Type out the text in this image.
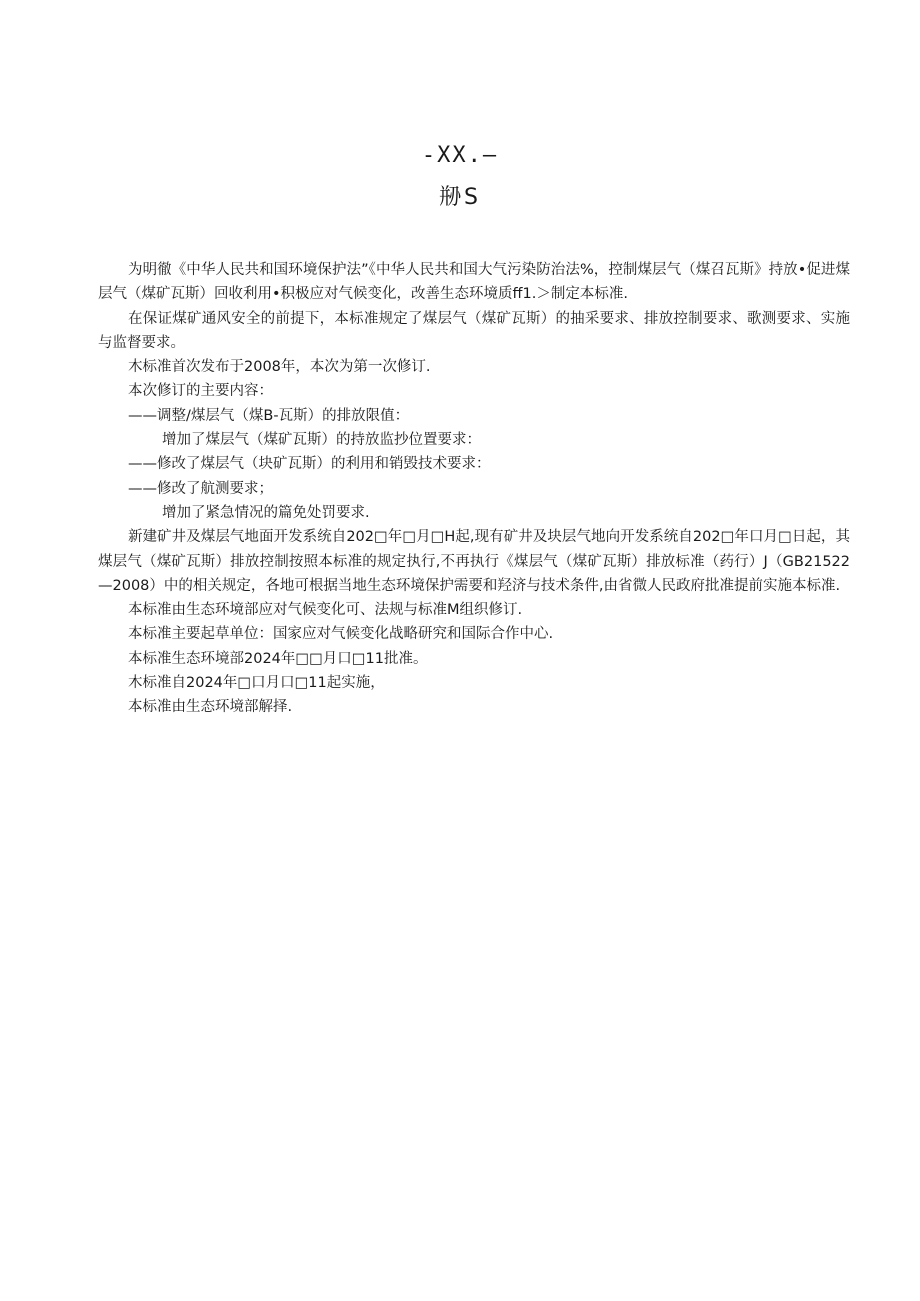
-XX.—
剙S

为明徹《中华人民共和国环境保护法”《中华人民共和国大气污染防治法%，控制煤层气（煤召瓦斯》持放•促进煤层气（煤矿瓦斯）回收利用•积极应对气候变化，改善生态环境质ff1.＞制定本标准.

在保证煤矿通风安全的前提下，本标准规定了煤层气（煤矿瓦斯）的抽采要求、排放控制要求、歌测要求、实施与监督要求。

木标准首次发布于2008年，本次为第一次修订.

本次修订的主要内容：

——调整/煤层气（煤B-瓦斯）的排放限值：

增加了煤层气（煤矿瓦斯）的持放监抄位置要求：

——修改了煤层气（块矿瓦斯）的利用和销毁技术要求：

——修改了航测要求；

增加了紧急情况的篇免处罚要求.

新建矿井及煤层气地面开发系统自202□年□月□H起,现有矿井及块层气地向开发系统自202□年口月□日起，其煤层气（煤矿瓦斯）排放控制按照本标准的规定执行,不再执行《煤层气（煤矿瓦斯）排放标准（药行）J（GB21522—2008）中的相关规定，各地可根据当地生态环境保护需要和羟济与技术条件,由省微人民政府批准提前实施本标准.

本标准由生态环境部应对气候变化可、法规与标准M组织修订.

本标准主要起草单位：国家应对气候变化战略研究和国际合作中心.

本标准生态环境部2024年□□月口□11批准。

木标准自2024年□口月口□11起实施，

本标准由生态环境部解择.
